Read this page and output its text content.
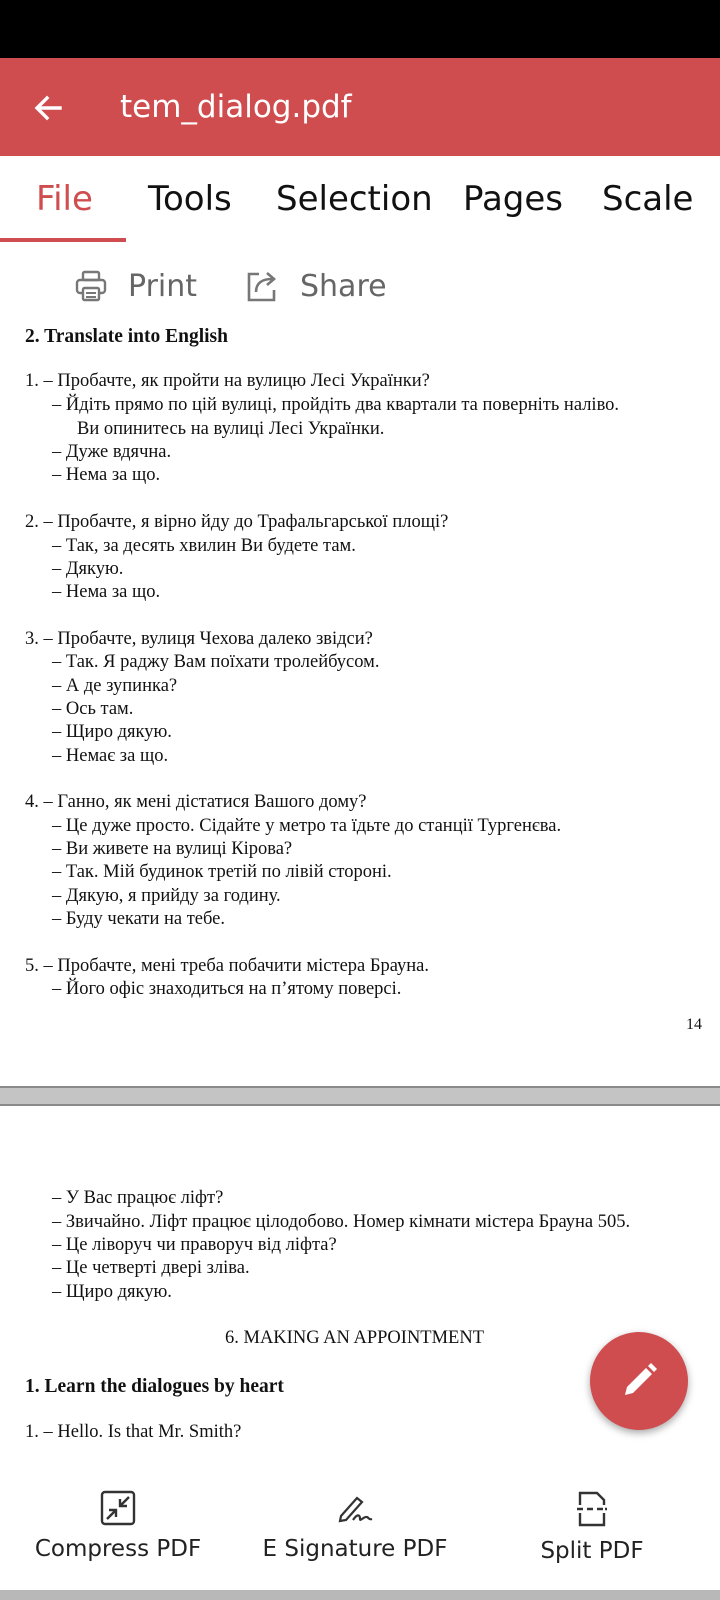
tem_dialog.pdf
File Tools Selection Pages Scale
Print	Share
2. Translate into English
1. – Пробачте, як пройти на вулицю Лесі Українки?
– Йдіть прямо по цій вулиці, пройдіть два квартали та поверніть наліво.
Ви опинитесь на вулиці Лесі Українки.
– Дуже вдячна.
– Нема за що.
2. – Пробачте, я вірно йду до Трафальгарської площі?
– Так, за десять хвилин Ви будете там.
– Дякую.
– Нема за що.
3. – Пробачте, вулиця Чехова далеко звідси?
– Так. Я раджу Вам поїхати тролейбусом.
– А де зупинка?
– Ось там.
– Щиро дякую.
– Немає за що.
4. – Ганно, як мені дістатися Вашого дому?
– Це дуже просто. Сідайте у метро та їдьте до станції Тургенєва.
– Ви живете на вулиці Кірова?
– Так. Мій будинок третій по лівій стороні.
– Дякую, я прийду за годину.
– Буду чекати на тебе.
5. – Пробачте, мені треба побачити містера Брауна.
– Його офіс знаходиться на п’ятому поверсі.
14
– У Вас працює ліфт?
– Звичайно. Ліфт працює цілодобово. Номер кімнати містера Брауна 505.
– Це ліворуч чи праворуч від ліфта?
– Це четверті двері зліва.
– Щиро дякую.
6. MAKING AN APPOINTMENT
1. Learn the dialogues by heart
1. – Hello. Is that Mr. Smith?
Compress PDF	E Signature PDF	Split PDF
